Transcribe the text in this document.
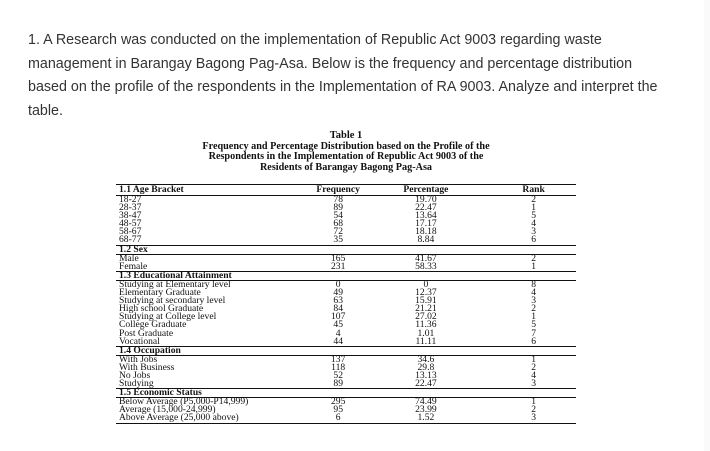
1. A Research was conducted on the implementation of Republic Act 9003 regarding waste management in Barangay Bagong Pag-Asa. Below is the frequency and percentage distribution based on the profile of the respondents in the Implementation of RA 9003. Analyze and interpret the table.

Table 1
Frequency and Percentage Distribution based on the Profile of the
Respondents in the Implementation of Republic Act 9003 of the
Residents of Barangay Bagong Pag-Asa
1.1 Age Bracket	Frequency	Percentage	Rank
18-27	78	19.70	2
28-37	89	22.47	1
38-47	54	13.64	5
48-57	68	17.17	4
58-67	72	18.18	3
68-77	35	8.84	6
1.2 Sex			
Male	165	41.67	2
Female	231	58.33	1
1.3 Educational Attainment			
Studying at Elementary level	0	0	8
Elementary Graduate	49	12.37	4
Studying at secondary level	63	15.91	3
High school Graduate	84	21.21	2
Studying at College level	107	27.02	1
College Graduate	45	11.36	5
Post Graduate	4	1.01	7
Vocational	44	11.11	6
1.4 Occupation			
With Jobs	137	34.6	1
With Business	118	29.8	2
No Jobs	52	13.13	4
Studying	89	22.47	3
1.5 Economic Status			
Below Average (P5,000-P14,999)	295	74.49	1
Average (15,000-24,999)	95	23.99	2
Above Average (25,000 above)	6	1.52	3
